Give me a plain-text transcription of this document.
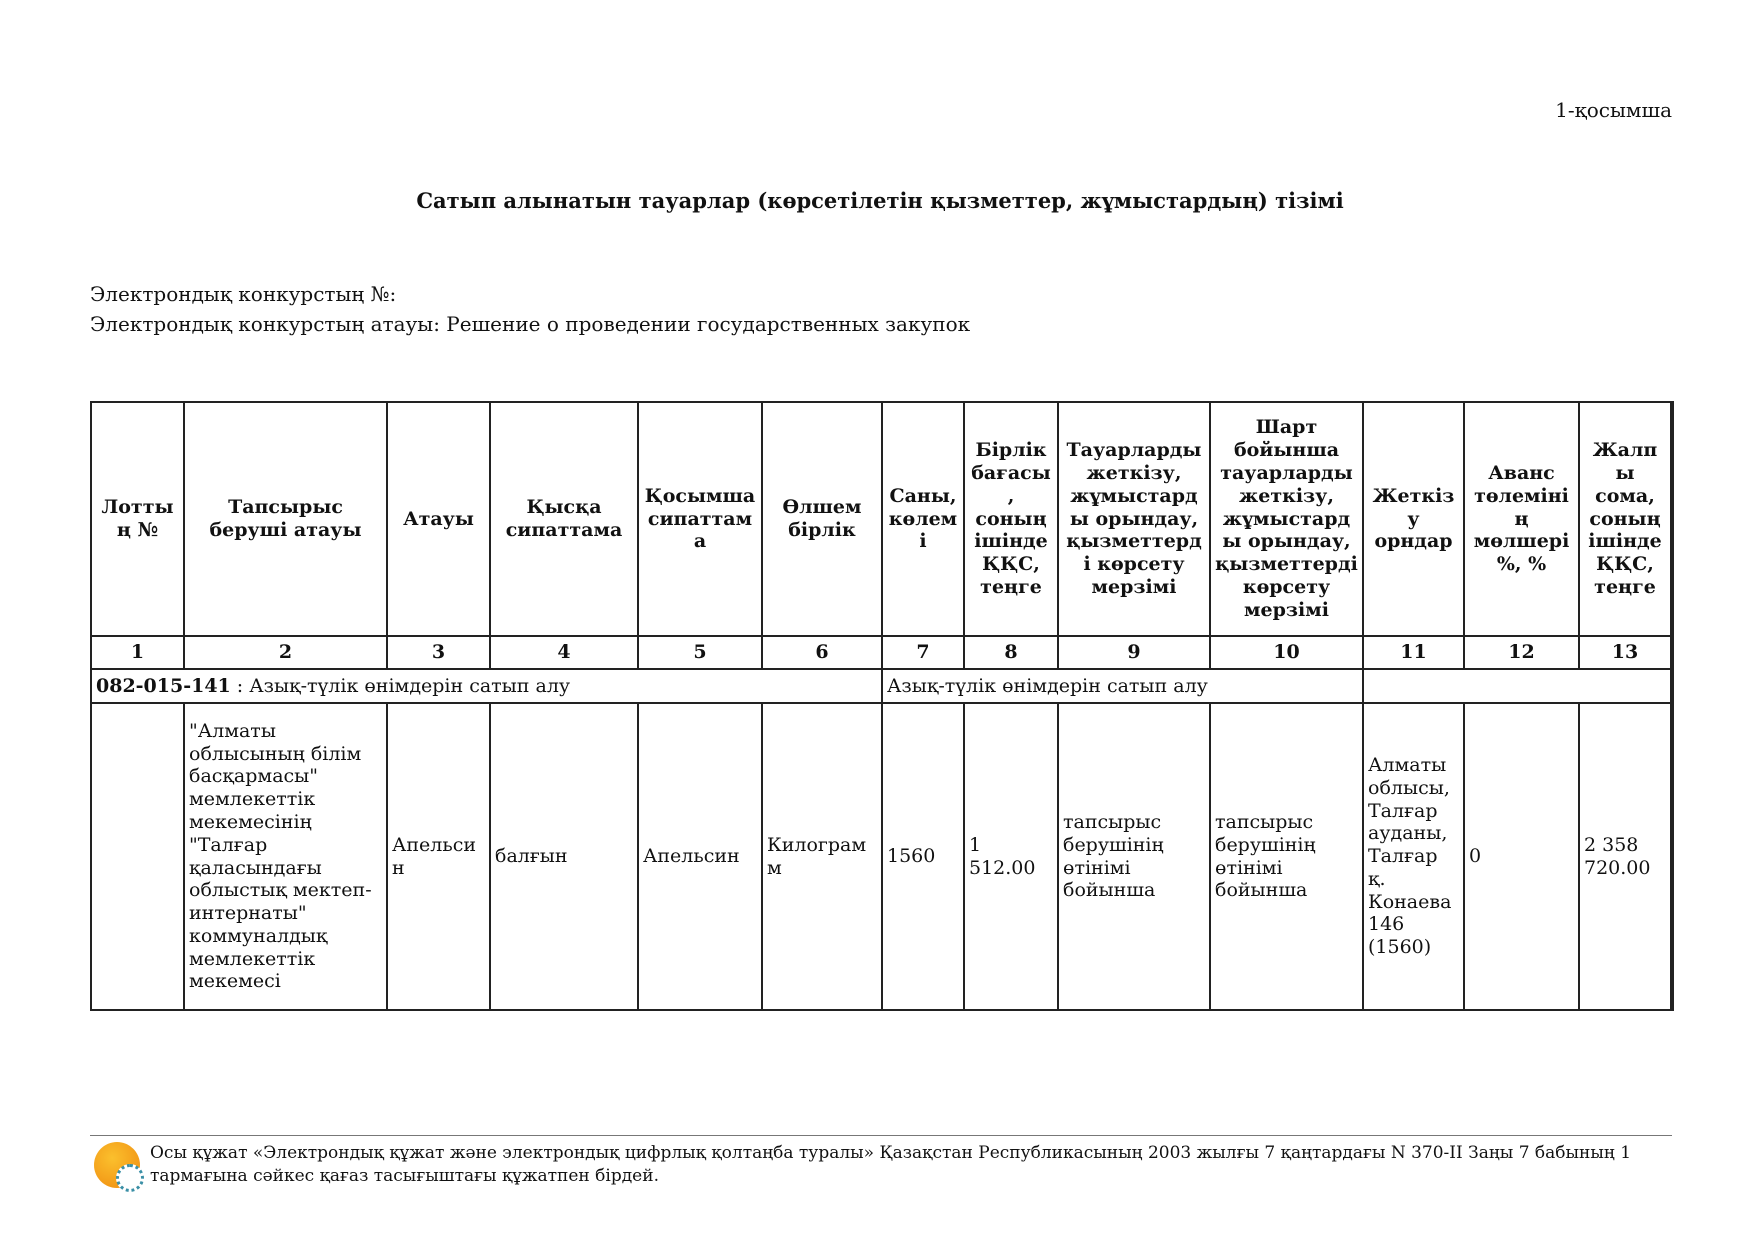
1-қосымша
Сатып алынатын тауарлар (көрсетілетін қызметтер, жұмыстардың) тізімі
Электрондық конкурстың №:
Электрондық конкурстың атауы: Решение о проведении государственных закупок
Лоттың №	Тапсырыс беруші атауы	Атауы	Қысқа сипаттама	Қосымша сипаттама	Өлшем бірлік	Саны, көлемі	Бірлік бағасы, соның ішінде ҚҚС, теңге	Тауарларды жеткізу, жұмыстарды орындау, қызметтерді көрсету мерзімі	Шарт бойынша тауарларды жеткізу, жұмыстарды орындау, қызметтерді көрсету мерзімі	Жеткізу орндар	Аванс төлемінің мөлшері %, %	Жалпы сома, соның ішінде ҚҚС, теңге
1	2	3	4	5	6	7	8	9	10	11	12	13
082-015-141 : Азық-түлік өнімдерін сатып алу						Азық-түлік өнімдерін сатып алу						
	"Алматы облысының білім басқармасы" мемлекеттік мекемесінің "Талғар қаласындағы облыстық мектеп-интернаты" коммуналдық мемлекеттік мекемесі	Апельсин	балғын	Апельсин	Килограмм	1560	1 512.00	тапсырыс берушінің өтінімі бойынша	тапсырыс берушінің өтінімі бойынша	Алматы облысы, Талғар ауданы, Талғар қ. Конаева 146 (1560)	0	2 358 720.00
Осы құжат «Электрондық құжат және электрондық цифрлық қолтаңба туралы» Қазақстан Республикасының 2003 жылғы 7 қаңтардағы N 370-II Заңы 7 бабының 1 тармағына сәйкес қағаз тасығыштағы құжатпен бірдей.
